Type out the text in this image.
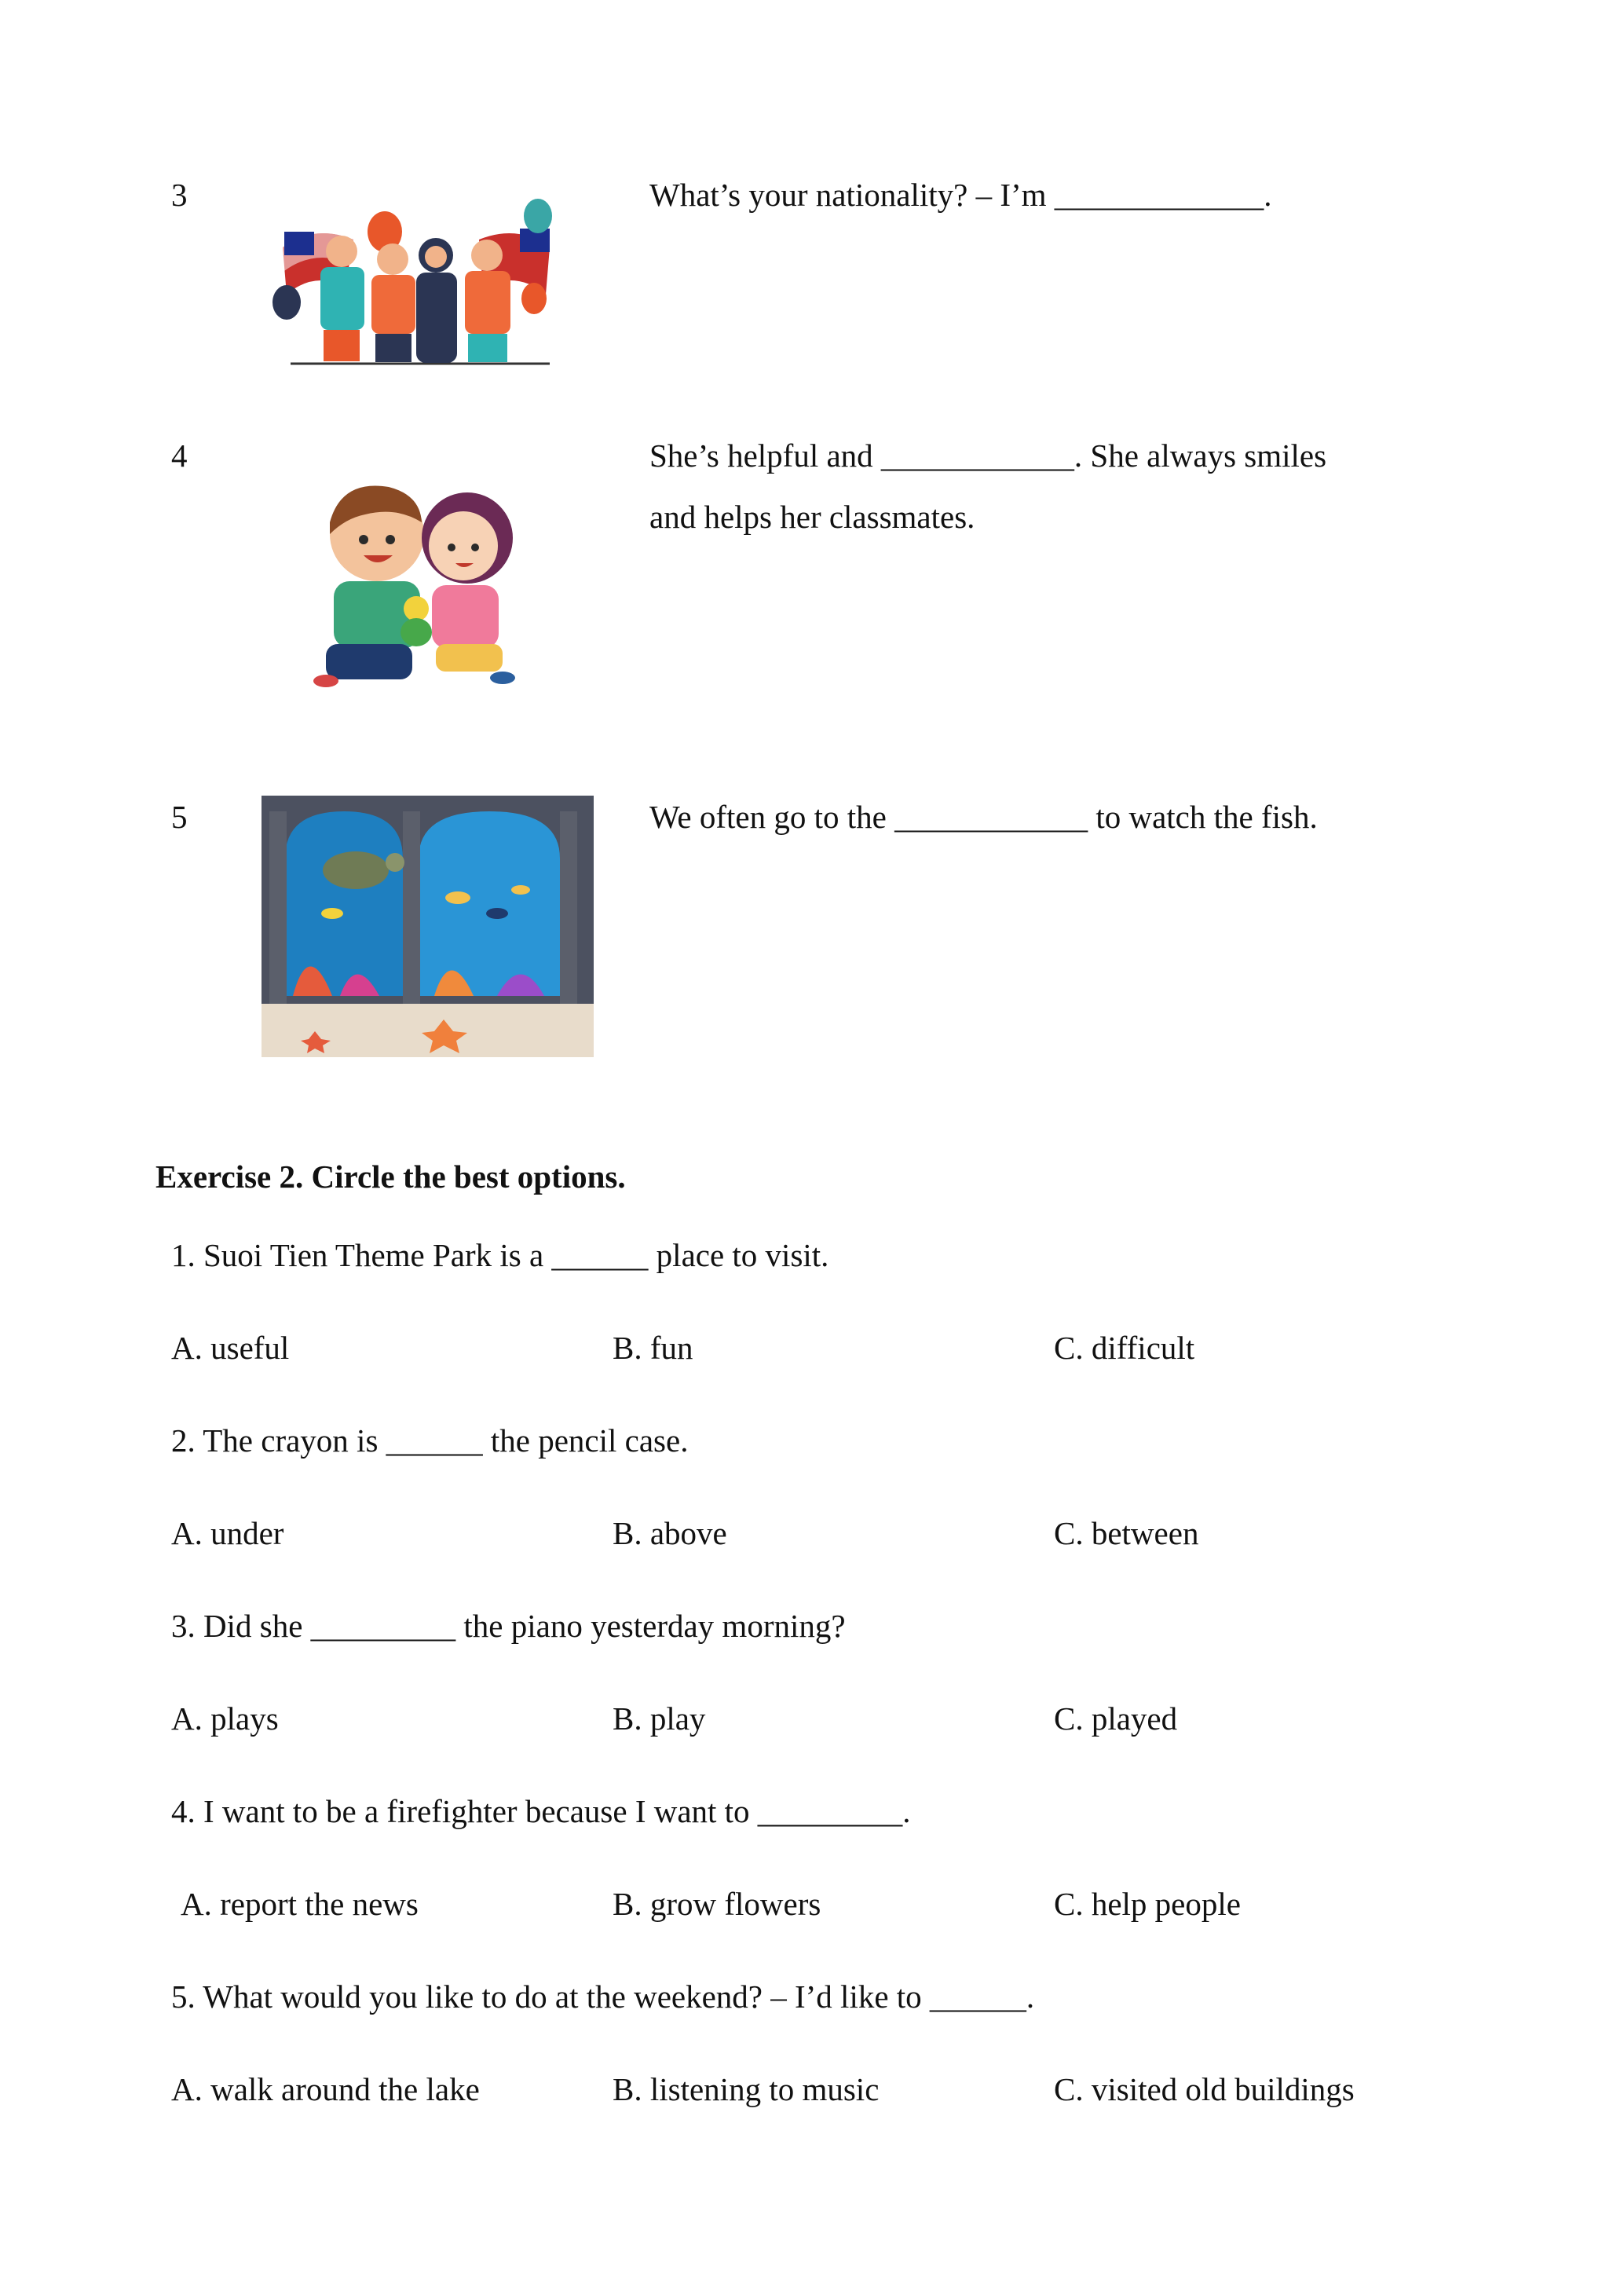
3	What’s your nationality? – I’m _____________.
4	She’s helpful and ____________. She always smiles
and helps her classmates.
5	We often go to the ____________ to watch the fish.
Exercise 2. Circle the best options.
1. Suoi Tien Theme Park is a ______ place to visit.
A. useful	B. fun	C. difficult
2. The crayon is ______ the pencil case.
A. under	B. above	C. between
3. Did she _________ the piano yesterday morning?
A. plays	B. play	C. played
4. I want to be a firefighter because I want to _________.
A. report the news	B. grow flowers	C. help people
5. What would you like to do at the weekend? – I’d like to ______.
A. walk around the lake	B. listening to music	C. visited old buildings
